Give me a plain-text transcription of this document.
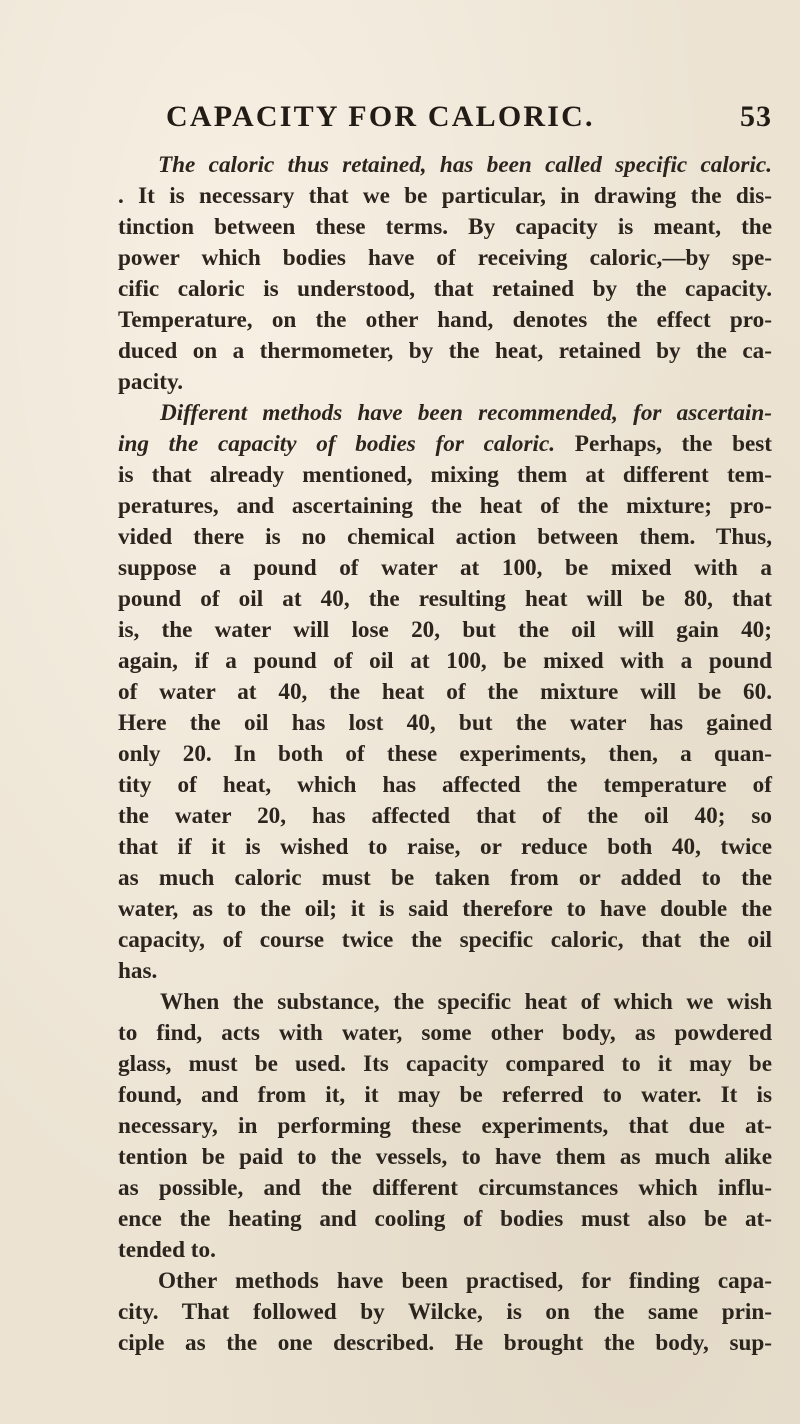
CAPACITY FOR CALORIC.	53
The caloric thus retained, has been called specific caloric.
. It is necessary that we be particular, in drawing the dis-
tinction between these terms. By capacity is meant, the
power which bodies have of receiving caloric,—by spe-
cific caloric is understood, that retained by the capacity.
Temperature, on the other hand, denotes the effect pro-
duced on a thermometer, by the heat, retained by the ca-
pacity.
Different methods have been recommended, for ascertain-
ing the capacity of bodies for caloric. Perhaps, the best
is that already mentioned, mixing them at different tem-
peratures, and ascertaining the heat of the mixture; pro-
vided there is no chemical action between them. Thus,
suppose a pound of water at 100, be mixed with a
pound of oil at 40, the resulting heat will be 80, that
is, the water will lose 20, but the oil will gain 40;
again, if a pound of oil at 100, be mixed with a pound
of water at 40, the heat of the mixture will be 60.
Here the oil has lost 40, but the water has gained
only 20. In both of these experiments, then, a quan-
tity of heat, which has affected the temperature of
the water 20, has affected that of the oil 40; so
that if it is wished to raise, or reduce both 40, twice
as much caloric must be taken from or added to the
water, as to the oil; it is said therefore to have double the
capacity, of course twice the specific caloric, that the oil
has.
When the substance, the specific heat of which we wish
to find, acts with water, some other body, as powdered
glass, must be used. Its capacity compared to it may be
found, and from it, it may be referred to water. It is
necessary, in performing these experiments, that due at-
tention be paid to the vessels, to have them as much alike
as possible, and the different circumstances which influ-
ence the heating and cooling of bodies must also be at-
tended to.
Other methods have been practised, for finding capa-
city. That followed by Wilcke, is on the same prin-
ciple as the one described. He brought the body, sup-
